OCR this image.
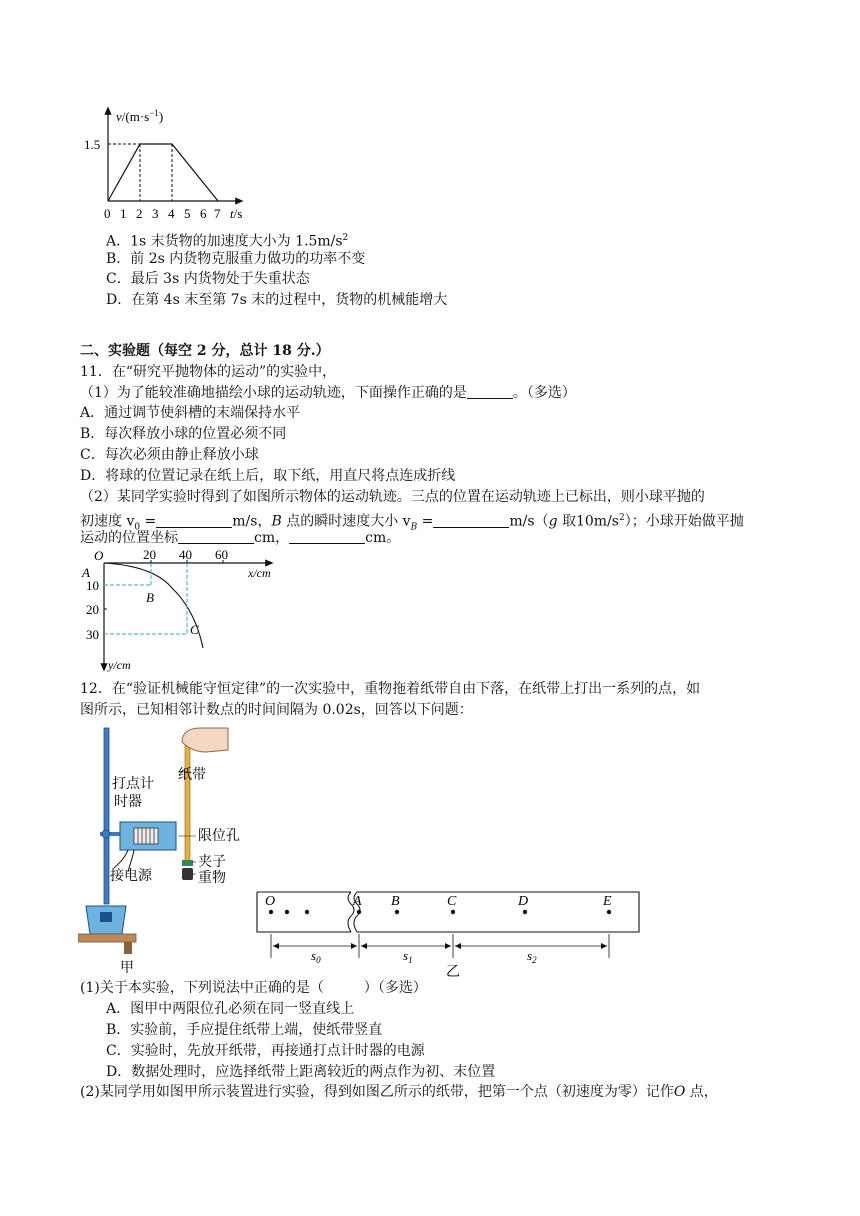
$v/(m\cdot s^{-1})$
1.5
0 1 2 3 4 5 6 7 t/s
A．1s 末货物的加速度大小为 $1.5m/s^2$
B．前 2s 内货物克服重力做功的功率不变
C．最后 3s 内货物处于失重状态
D．在第 4s 末至第 7s 末的过程中，货物的机械能增大
二、实验题（每空 2 分，总计 18 分.）
11．在“研究平抛物体的运动”的实验中，
（1）为了能较准确地描绘小球的运动轨迹，下面操作正确的是	。（多选）
A．通过调节使斜槽的末端保持水平
B．每次释放小球的位置必须不同
C．每次必须由静止释放小球
D．将球的位置记录在纸上后，取下纸，用直尺将点连成折线
（2）某同学实验时得到了如图所示物体的运动轨迹。三点的位置在运动轨迹上已标出，则小球平抛的
初速度 $v_0$ =	m/s，B 点的瞬时速度大小 $v_B$ =	m/s（g 取$10m/s^2$）；小球开始做平抛
运动的位置坐标	cm，	cm。
O
A
B
C
20 40 60
10
20
30
x/cm
y/cm
12．在“验证机械能守恒定律”的一次实验中，重物拖着纸带自由下落，在纸带上打出一系列的点，如
图所示，已知相邻计数点的时间间隔为 0.02s，回答以下问题：
纸带
打点计
时器
限位孔
夹子
接电源	重物
甲
O	A B	C	D	E
$s_0$	$s_1$	$s_2$
乙
(1)关于本实验，下列说法中正确的是（	）（多选）
A．图甲中两限位孔必须在同一竖直线上
B．实验前，手应提住纸带上端，使纸带竖直
C．实验时，先放开纸带，再接通打点计时器的电源
D．数据处理时，应选择纸带上距离较近的两点作为初、末位置
(2)某同学用如图甲所示装置进行实验，得到如图乙所示的纸带，把第一个点（初速度为零）记作O 点，
